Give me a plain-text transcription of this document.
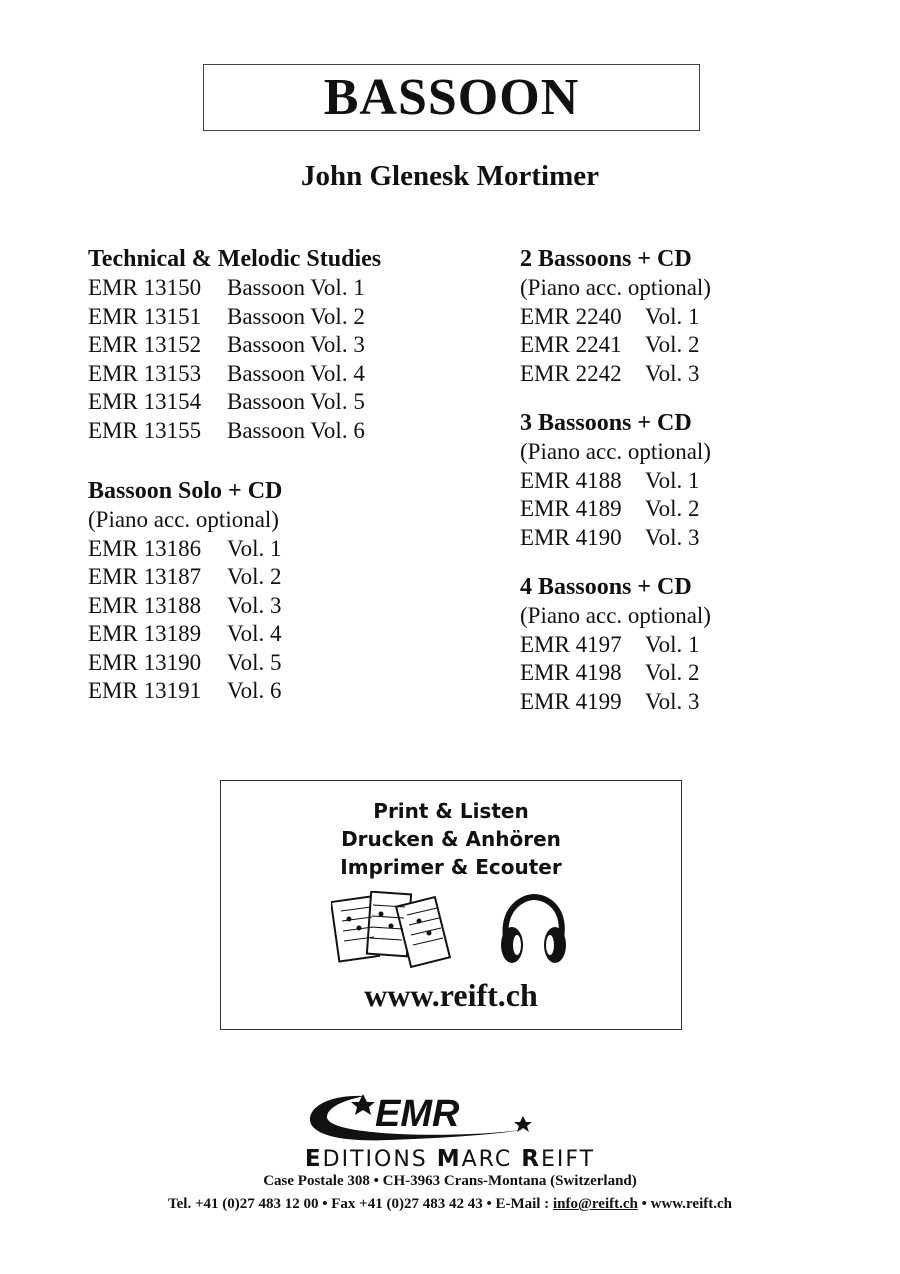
BASSOON
John Glenesk Mortimer
Technical & Melodic Studies
EMR 13150	Bassoon Vol. 1
EMR 13151	Bassoon Vol. 2
EMR 13152	Bassoon Vol. 3
EMR 13153	Bassoon Vol. 4
EMR 13154	Bassoon Vol. 5
EMR 13155	Bassoon Vol. 6
Bassoon Solo + CD
(Piano acc. optional)
EMR 13186	Vol. 1
EMR 13187	Vol. 2
EMR 13188	Vol. 3
EMR 13189	Vol. 4
EMR 13190	Vol. 5
EMR 13191	Vol. 6
2 Bassoons + CD
(Piano acc. optional)
EMR 2240	Vol. 1
EMR 2241	Vol. 2
EMR 2242	Vol. 3
3 Bassoons + CD
(Piano acc. optional)
EMR 4188	Vol. 1
EMR 4189	Vol. 2
EMR 4190	Vol. 3
4 Bassoons + CD
(Piano acc. optional)
EMR 4197	Vol. 1
EMR 4198	Vol. 2
EMR 4199	Vol. 3
Print & Listen
Drucken & Anhören
Imprimer & Ecouter
www.reift.ch
EMR
EDITIONS MARC REIFT
Case Postale 308 • CH-3963 Crans-Montana (Switzerland)
Tel. +41 (0)27 483 12 00 • Fax +41 (0)27 483 42 43 • E-Mail : info@reift.ch • www.reift.ch
